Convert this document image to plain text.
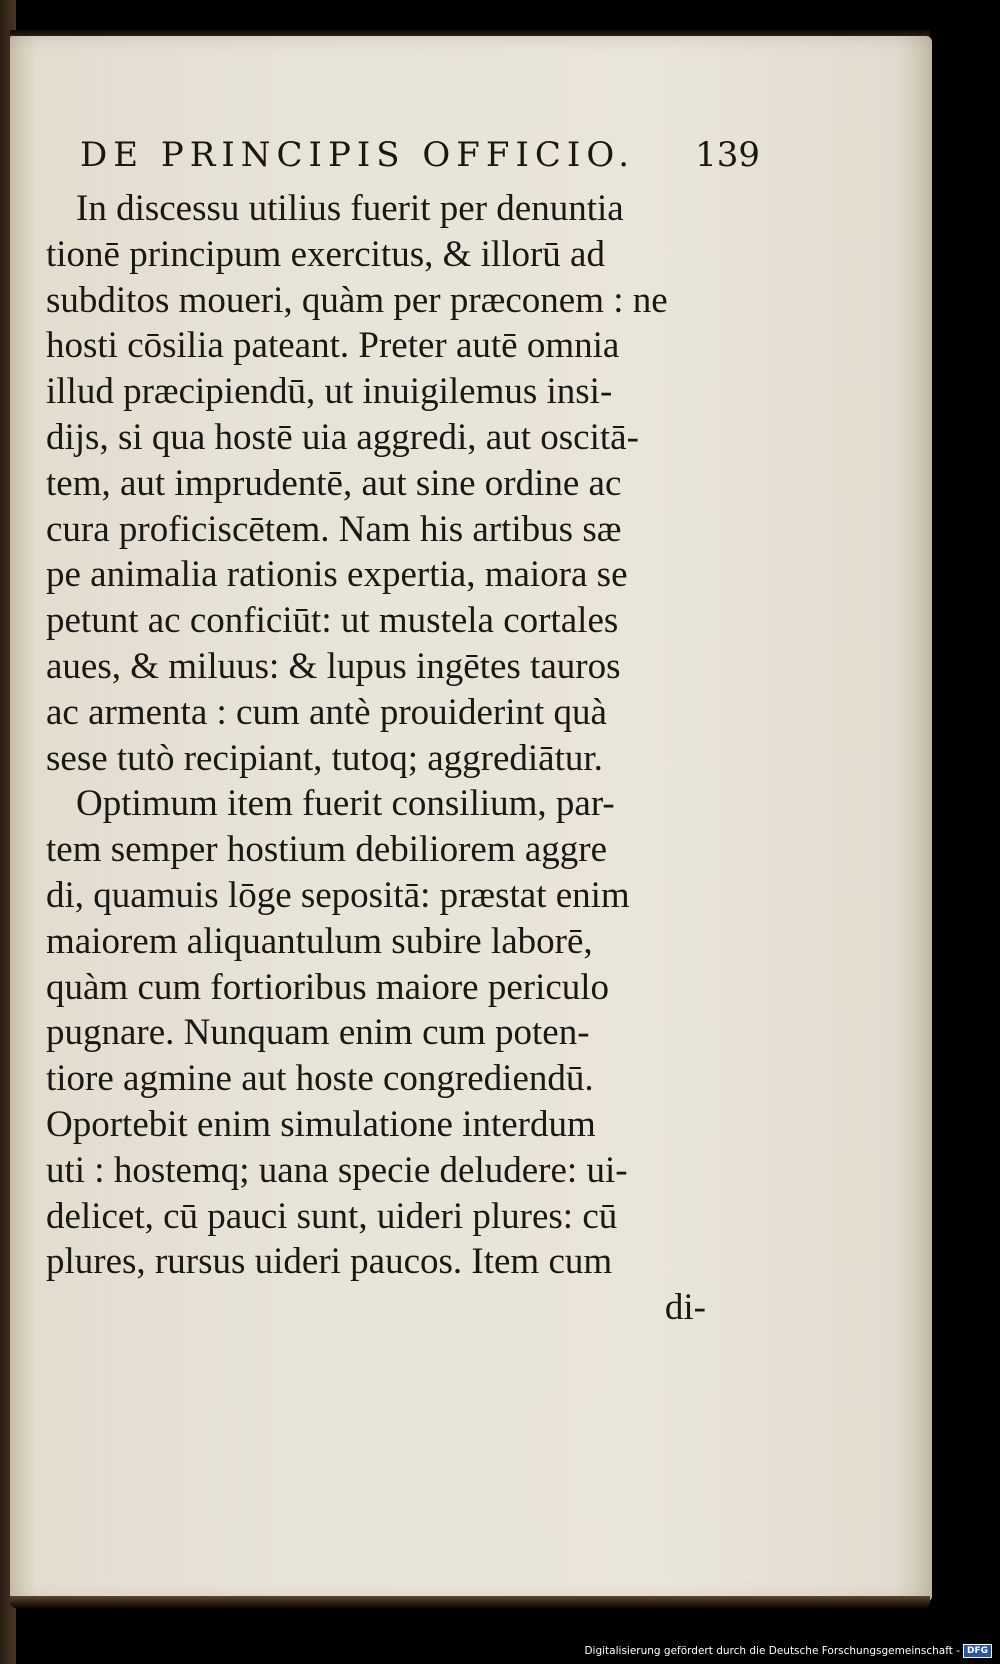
DE PRINCIPIS OFFICIO. 139
In discessu utilius fuerit per denuntia
tionē principum exercitus, & illorū ad
subditos moueri, quàm per præconem : ne
hosti cōsilia pateant. Preter autē omnia
illud præcipiendū, ut inuigilemus insi-
dijs, si qua hostē uia aggredi, aut oscitā-
tem, aut imprudentē, aut sine ordine ac
cura proficiscētem. Nam his artibus sæ
pe animalia rationis expertia, maiora se
petunt ac conficiūt: ut mustela cortales
aues, & miluus: & lupus ingētes tauros
ac armenta : cum antè prouiderint quà
sese tutò recipiant, tutoq; aggrediātur.
Optimum item fuerit consilium, par-
tem semper hostium debiliorem aggre
di, quamuis lōge sepositā: præstat enim
maiorem aliquantulum subire laborē,
quàm cum fortioribus maiore periculo
pugnare. Nunquam enim cum poten-
tiore agmine aut hoste congrediendū.
Oportebit enim simulatione interdum
uti : hostemq; uana specie deludere: ui-
delicet, cū pauci sunt, uideri plures: cū
plures, rursus uideri paucos. Item cum
di-
Digitalisierung gefördert durch die Deutsche Forschungsgemeinschaft - DFG
